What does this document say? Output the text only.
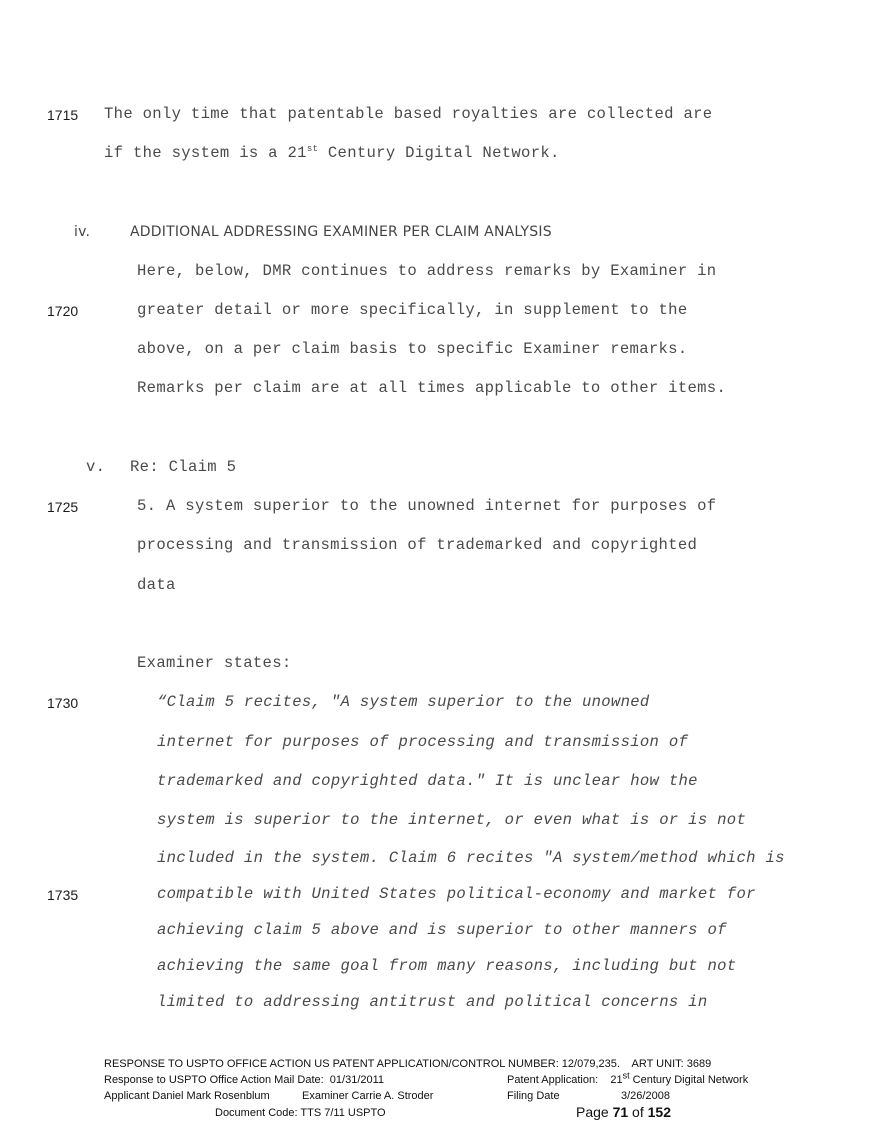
1715 The only time that patentable based royalties are collected are
if the system is a 21st Century Digital Network.
iv.	ADDITIONAL ADDRESSING EXAMINER PER CLAIM ANALYSIS
Here, below, DMR continues to address remarks by Examiner in
1720	greater detail or more specifically, in supplement to the
above, on a per claim basis to specific Examiner remarks.
Remarks per claim are at all times applicable to other items.
v. Re: Claim 5
1725	5. A system superior to the unowned internet for purposes of
processing and transmission of trademarked and copyrighted
data
Examiner states:
1730	“Claim 5 recites, "A system superior to the unowned
internet for purposes of processing and transmission of
trademarked and copyrighted data." It is unclear how the
system is superior to the internet, or even what is or is not
included in the system. Claim 6 recites "A system/method which is
1735	compatible with United States political-economy and market for
achieving claim 5 above and is superior to other manners of
achieving the same goal from many reasons, including but not
limited to addressing antitrust and political concerns in
RESPONSE TO USPTO OFFICE ACTION US PATENT APPLICATION/CONTROL NUMBER: 12/079,235.    ART UNIT: 3689
Response to USPTO Office Action Mail Date:  01/31/2011	Patent Application:    21st Century Digital Network
Applicant Daniel Mark Rosenblum	Examiner Carrie A. Stroder	Filing Date	3/26/2008
Document Code: TTS 7/11 USPTO	Page 71 of 152
